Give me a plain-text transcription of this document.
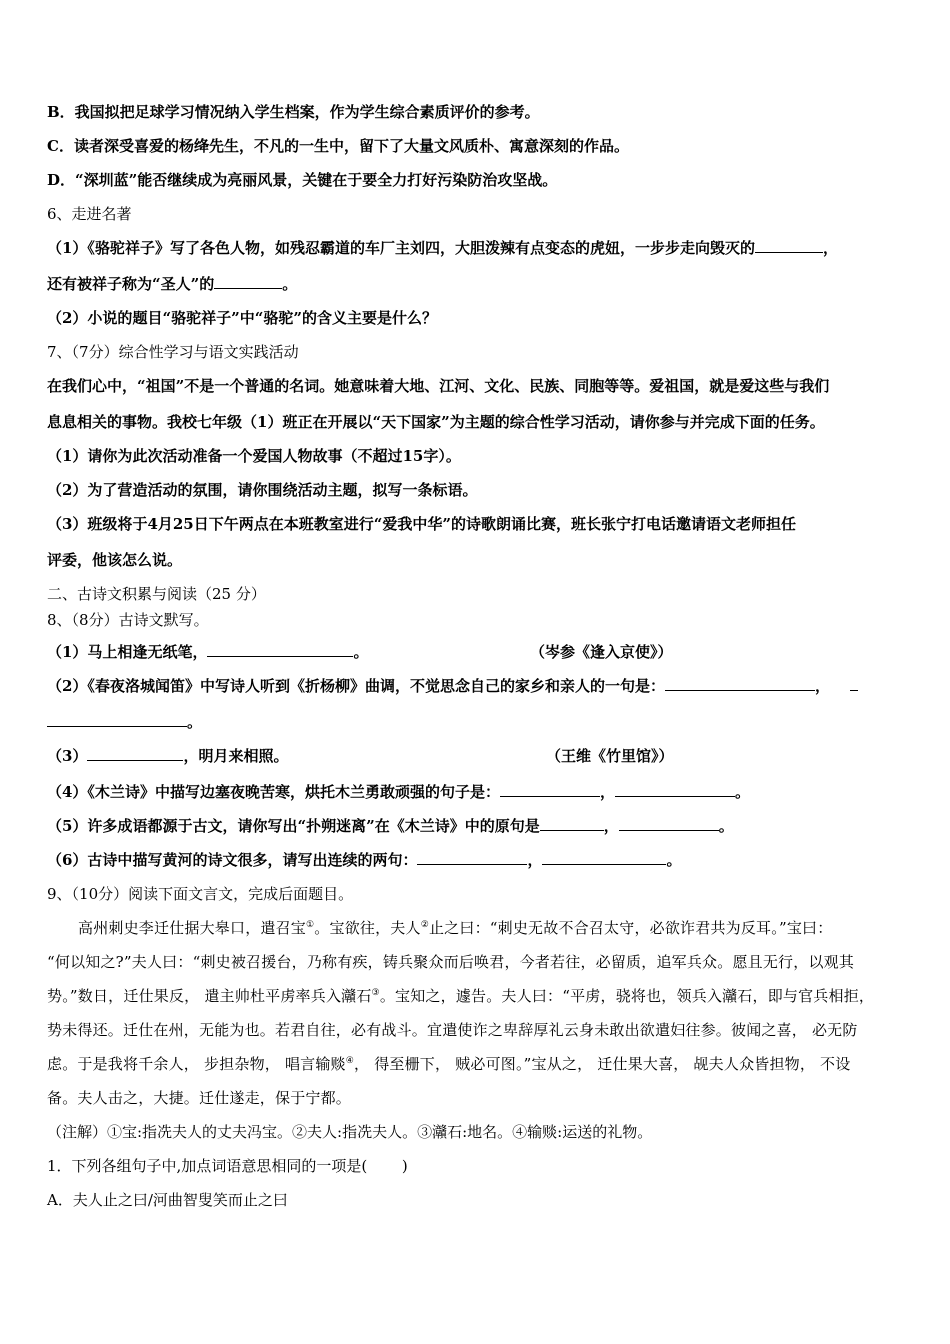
B．我国拟把足球学习情况纳入学生档案，作为学生综合素质评价的参考。
C．读者深受喜爱的杨绛先生，不凡的一生中，留下了大量文风质朴、寓意深刻的作品。
D．“深圳蓝”能否继续成为亮丽风景，关键在于要全力打好污染防治攻坚战。
6、走进名著
（1）《骆驼祥子》写了各色人物，如残忍霸道的车厂主刘四，大胆泼辣有点变态的虎妞，一步步走向毁灭的	，
还有被祥子称为“圣人”的	。
（2）小说的题目“骆驼祥子”中“骆驼”的含义主要是什么？
7、（7分）综合性学习与语文实践活动
在我们心中，“祖国”不是一个普通的名词。她意味着大地、江河、文化、民族、同胞等等。爱祖国，就是爱这些与我们
息息相关的事物。我校七年级（1）班正在开展以“天下国家”为主题的综合性学习活动，请你参与并完成下面的任务。
（1）请你为此次活动准备一个爱国人物故事（不超过15字）。
（2）为了营造活动的氛围，请你围绕活动主题，拟写一条标语。
（3）班级将于4月25日下午两点在本班教室进行“爱我中华”的诗歌朗诵比赛，班长张宁打电话邀请语文老师担任
评委，他该怎么说。
二、古诗文积累与阅读（25 分）
8、（8分）古诗文默写。
（1）马上相逢无纸笔，	。	（岑参《逢入京使》）
（2）《春夜洛城闻笛》中写诗人听到《折杨柳》曲调，不觉思念自己的家乡和亲人的一句是：	，
。
（3）	，明月来相照。	（王维《竹里馆》）
（4）《木兰诗》中描写边塞夜晚苦寒，烘托木兰勇敢顽强的句子是：	，	。
（5）许多成语都源于古文，请你写出“扑朔迷离”在《木兰诗》中的原句是	，	。
（6）古诗中描写黄河的诗文很多，请写出连续的两句：	，	。
9、（10分）阅读下面文言文，完成后面题目。
高州刺史李迁仕据大皋口，遣召宝①。宝欲往，夫人②止之曰：“刺史无故不合召太守，必欲诈君共为反耳。”宝曰：
“何以知之?”夫人曰：“刺史被召援台，乃称有疾，铸兵聚众而后唤君，今者若往，必留质，追军兵众。愿且无行，以观其
势。”数日，迁仕果反， 遣主帅杜平虏率兵入灨石③。宝知之，遽告。夫人曰：“平虏，骁将也，领兵入灨石，即与官兵相拒，
势未得还。迁仕在州，无能为也。若君自往，必有战斗。宜遣使诈之卑辞厚礼云身未敢出欲遣妇往参。彼闻之喜， 必无防
虑。于是我将千余人， 步担杂物， 唱言输赕④， 得至栅下， 贼必可图。”宝从之， 迁仕果大喜， 觇夫人众皆担物， 不设
备。夫人击之，大捷。迁仕遂走，保于宁都。
（注解）①宝:指冼夫人的丈夫冯宝。②夫人:指冼夫人。③灨石:地名。④输赕:运送的礼物。
1．下列各组句子中,加点词语意思相同的一项是(　　 )
A．夫人止之曰/河曲智叟笑而止之曰
